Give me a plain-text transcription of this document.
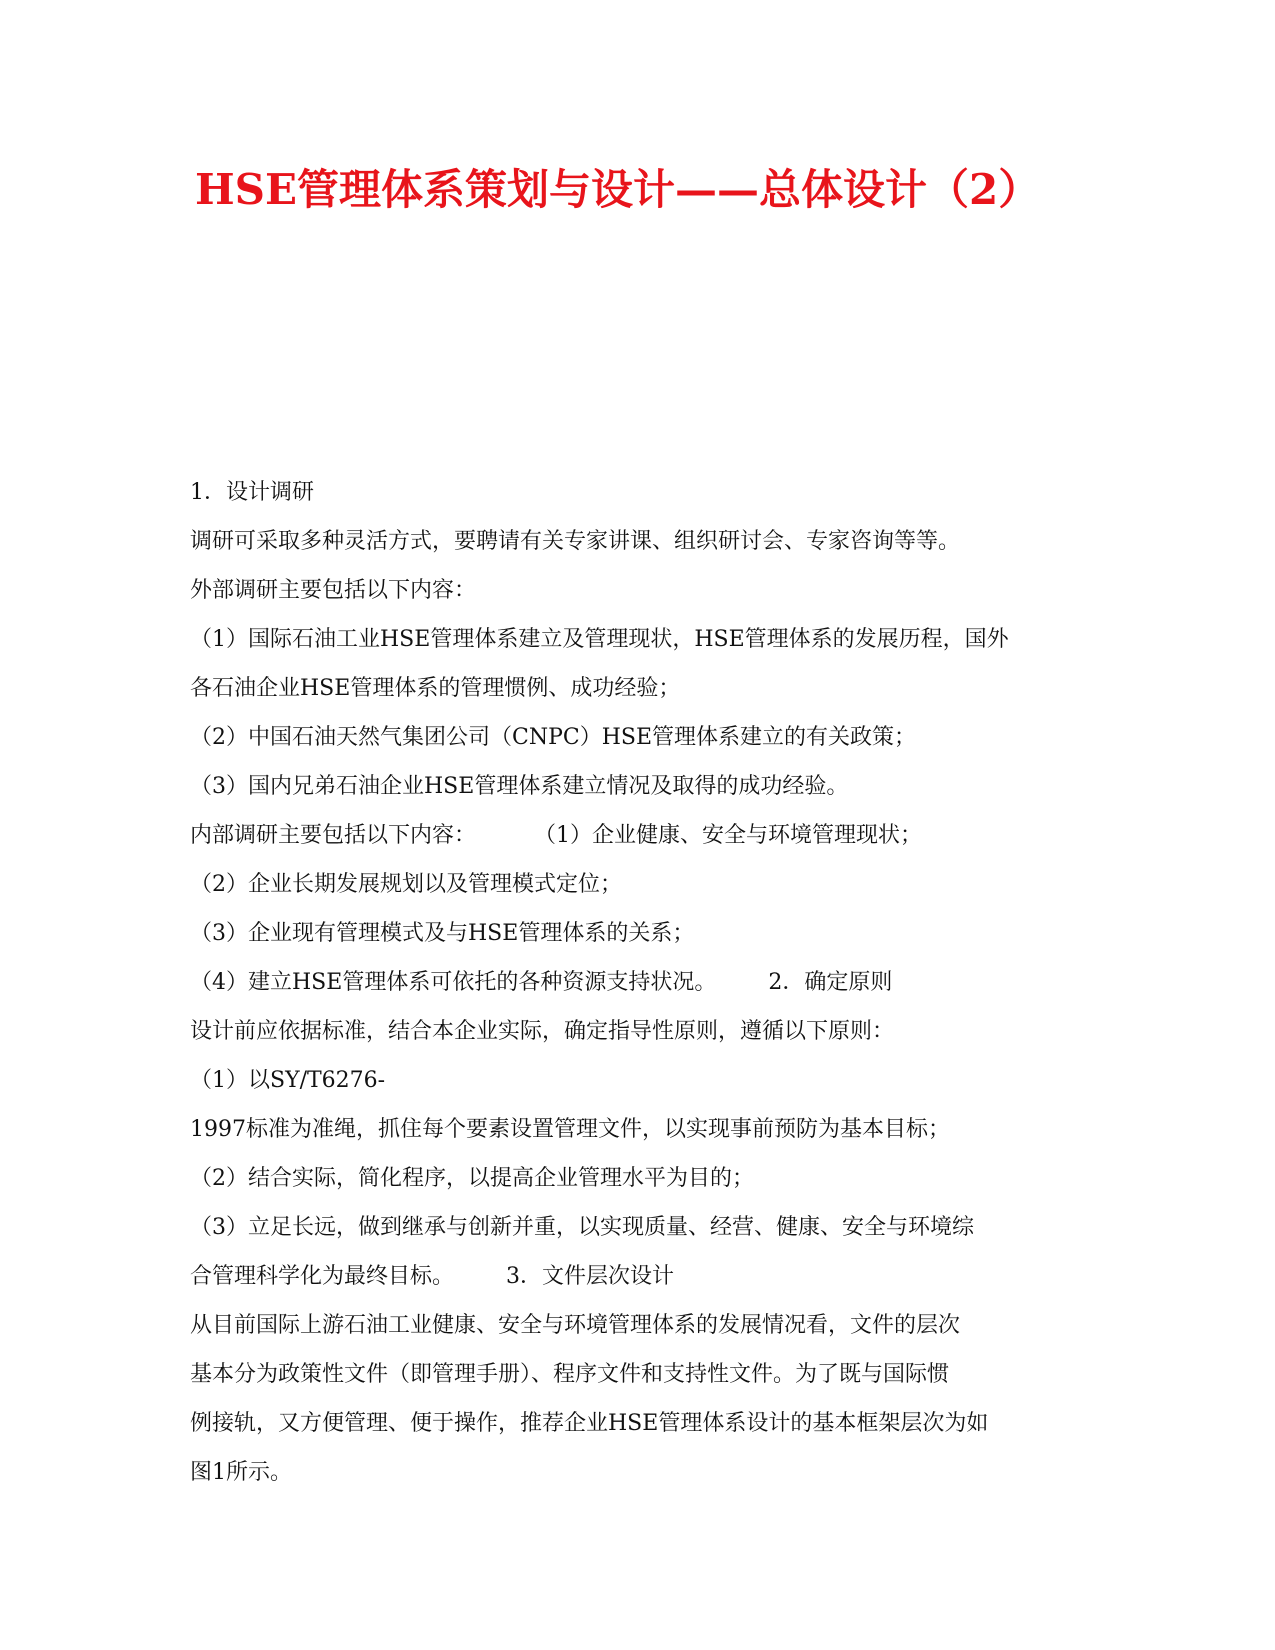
HSE管理体系策划与设计——总体设计（2）
1．设计调研
调研可采取多种灵活方式，要聘请有关专家讲课、组织研讨会、专家咨询等等。
外部调研主要包括以下内容：
（1）国际石油工业HSE管理体系建立及管理现状，HSE管理体系的发展历程，国外
各石油企业HSE管理体系的管理惯例、成功经验；
（2）中国石油天然气集团公司（CNPC）HSE管理体系建立的有关政策；
（3）国内兄弟石油企业HSE管理体系建立情况及取得的成功经验。
内部调研主要包括以下内容：	（1）企业健康、安全与环境管理现状；
（2）企业长期发展规划以及管理模式定位；
（3）企业现有管理模式及与HSE管理体系的关系；
（4）建立HSE管理体系可依托的各种资源支持状况。 2．确定原则
设计前应依据标准，结合本企业实际，确定指导性原则，遵循以下原则：
（1）以SY/T6276-
1997标准为准绳，抓住每个要素设置管理文件，以实现事前预防为基本目标；
（2）结合实际，简化程序，以提高企业管理水平为目的；
（3）立足长远，做到继承与创新并重，以实现质量、经营、健康、安全与环境综
合管理科学化为最终目标。 3．文件层次设计
从目前国际上游石油工业健康、安全与环境管理体系的发展情况看，文件的层次
基本分为政策性文件（即管理手册）、程序文件和支持性文件。为了既与国际惯
例接轨，又方便管理、便于操作，推荐企业HSE管理体系设计的基本框架层次为如
图1所示。
